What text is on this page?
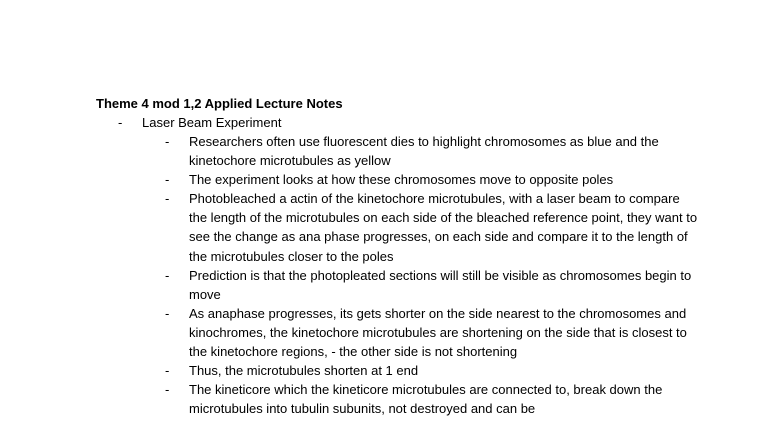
Theme 4 mod 1,2 Applied Lecture Notes
- Laser Beam Experiment
- Researchers often use fluorescent dies to highlight chromosomes as blue and the kinetochore microtubules as yellow
- The experiment looks at how these chromosomes move to opposite poles
- Photobleached a actin of the kinetochore microtubules, with a laser beam to compare the length of the microtubules on each side of the bleached reference point, they want to see the change as ana phase progresses, on each side and compare it to the length of the microtubules closer to the poles
- Prediction is that the photopleated sections will still be visible as chromosomes begin to move
- As anaphase progresses, its gets shorter on the side nearest to the chromosomes and kinochromes, the kinetochore microtubules are shortening on the side that is closest to the kinetochore regions, - the other side is not shortening
- Thus, the microtubules shorten at 1 end
- The kineticore which the kineticore microtubules are connected to, break down the microtubules into tubulin subunits, not destroyed and can be
